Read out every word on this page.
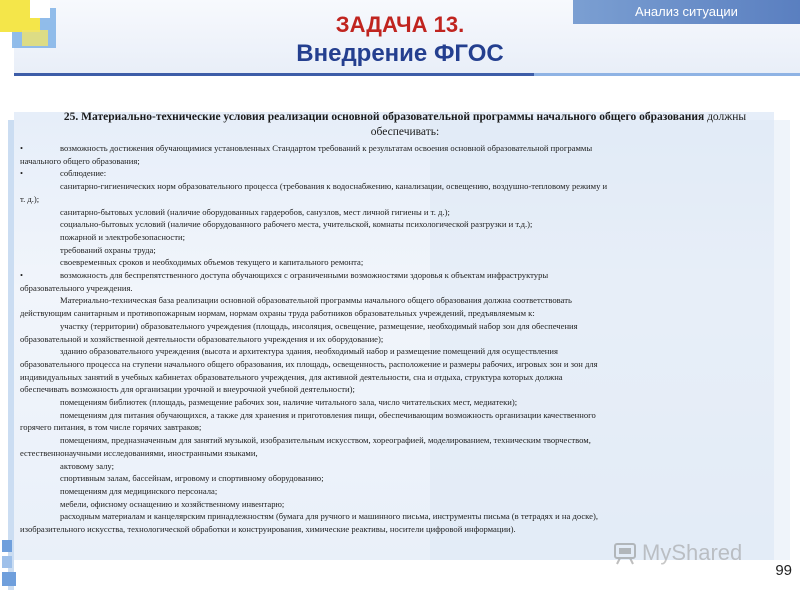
Анализ ситуации
ЗАДАЧА 13.
Внедрение ФГОС
25. Материально-техническиe условия реализации основной образовательной программы начального общего образования должны обеспечивать:
•	возможность достижения обучающимися установленных Стандартом требований к результатам освоения основной образовательной программы
начального общего образования;
•	соблюдение:
санитарно-гигиенических норм образовательного процесса (требования к водоснабжению, канализации, освещению, воздушно-тепловому режиму и
т. д.);
санитарно-бытовых условий (наличие оборудованных гардеробов, санузлов, мест личной гигиены и т. д.);
социально-бытовых условий (наличие оборудованного рабочего места, учительской, комнаты психологической разгрузки и т.д.);
пожарной и электробезопасности;
требований охраны труда;
своевременных сроков и необходимых объемов текущего и капитального ремонта;
•	возможность для беспрепятственного доступа обучающихся с ограниченными возможностями здоровья к объектам инфраструктуры
образовательного учреждения.
Материально-техническая база реализации основной образовательной программы начального общего образования должна соответствовать
действующим санитарным и противопожарным нормам, нормам охраны труда работников образовательных учреждений, предъявляемым к:
участку (территории) образовательного учреждения (площадь, инсоляция, освещение, размещение, необходимый набор зон для обеспечения
образовательной и хозяйственной деятельности образовательного учреждения и их оборудование);
зданию образовательного учреждения (высота и архитектура здания, необходимый набор и размещение помещений для осуществления
образовательного процесса на ступени начального общего образования, их площадь, освещенность, расположение и размеры рабочих, игровых зон и зон для
индивидуальных занятий в учебных кабинетах образовательного учреждения, для активной деятельности, сна и отдыха, структура которых должна
обеспечивать возможность для организации урочной и внеурочной учебной деятельности);
помещениям библиотек (площадь, размещение рабочих зон, наличие читального зала, число читательских мест, медиатеки);
помещениям для питания обучающихся, а также для хранения и приготовления пищи, обеспечивающим возможность организации качественного
горячего питания, в том числе горячих завтраков;
помещениям, предназначенным для занятий музыкой, изобразительным искусством, хореографией, моделированием, техническим творчеством,
естественнонаучными исследованиями, иностранными языками,
актовому залу;
спортивным залам, бассейнам, игровому и спортивному оборудованию;
помещениям для медицинского персонала;
мебели, офисному оснащению и хозяйственному инвентарю;
расходным материалам и канцелярским принадлежностям (бумага для ручного и машинного письма, инструменты письма (в тетрадях и на доске),
изобразительного искусства, технологической обработки и конструирования, химические реактивы, носители цифровой информации).
MyShared
99
